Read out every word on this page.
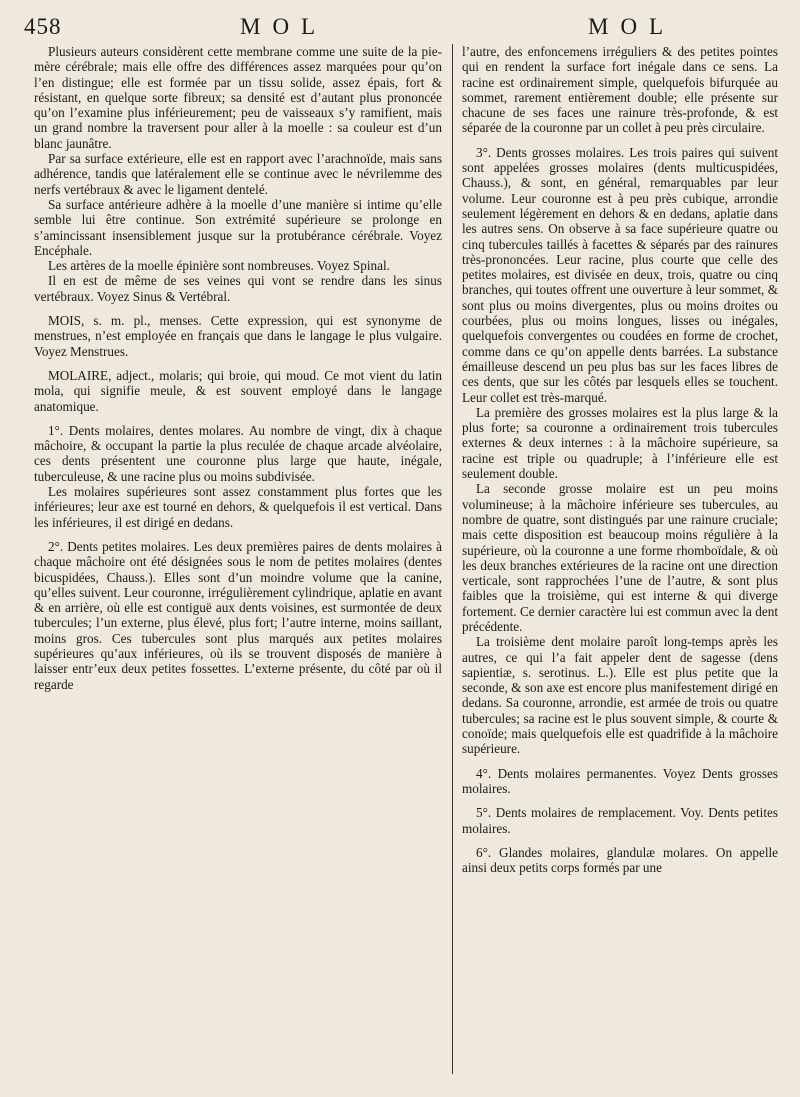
458	MOL	MOL

Plusieurs auteurs considèrent cette membrane comme une suite de la pie-mère cérébrale; mais elle offre des différences assez marquées pour qu’on l’en distingue; elle est formée par un tissu solide, assez épais, fort & résistant, en quelque sorte fibreux; sa densité est d’autant plus prononcée qu’on l’examine plus inférieurement; peu de vaisseaux s’y ramifient, mais un grand nombre la traversent pour aller à la moelle : sa couleur est d’un blanc jaunâtre.

Par sa surface extérieure, elle est en rapport avec l’arachnoïde, mais sans adhérence, tandis que latéralement elle se continue avec le névrilemme des nerfs vertébraux & avec le ligament dentelé.

Sa surface antérieure adhère à la moelle d’une manière si intime qu’elle semble lui être continue. Son extrémité supérieure se prolonge en s’amincissant insensiblement jusque sur la protubérance cérébrale. Voyez Encéphale.

Les artères de la moelle épinière sont nombreuses. Voyez Spinal.

Il en est de même de ses veines qui vont se rendre dans les sinus vertébraux. Voyez Sinus & Vertébral.

MOIS, s. m. pl., menses. Cette expression, qui est synonyme de menstrues, n’est employée en français que dans le langage le plus vulgaire. Voyez Menstrues.

MOLAIRE, adject., molaris; qui broie, qui moud. Ce mot vient du latin mola, qui signifie meule, & est souvent employé dans le langage anatomique.

1°. Dents molaires, dentes molares. Au nombre de vingt, dix à chaque mâchoire, & occupant la partie la plus reculée de chaque arcade alvéolaire, ces dents présentent une couronne plus large que haute, inégale, tuberculeuse, & une racine plus ou moins subdivisée.

Les molaires supérieures sont assez constamment plus fortes que les inférieures; leur axe est tourné en dehors, & quelquefois il est vertical. Dans les inférieures, il est dirigé en dedans.

2°. Dents petites molaires. Les deux premières paires de dents molaires à chaque mâchoire ont été désignées sous le nom de petites molaires (dentes bicuspidées, Chauss.). Elles sont d’un moindre volume que la canine, qu’elles suivent. Leur couronne, irrégulièrement cylindrique, aplatie en avant & en arrière, où elle est contiguë aux dents voisines, est surmontée de deux tubercules; l’un externe, plus élevé, plus fort; l’autre interne, moins saillant, moins gros. Ces tubercules sont plus marqués aux petites molaires supérieures qu’aux inférieures, où ils se trouvent disposés de manière à laisser entr’eux deux petites fossettes. L’externe présente, du côté par où il regarde

l’autre, des enfoncemens irréguliers & des petites pointes qui en rendent la surface fort inégale dans ce sens. La racine est ordinairement simple, quelquefois bifurquée au sommet, rarement entièrement double; elle présente sur chacune de ses faces une rainure très-profonde, & est séparée de la couronne par un collet à peu près circulaire.

3°. Dents grosses molaires. Les trois paires qui suivent sont appelées grosses molaires (dents multicuspidées, Chauss.), & sont, en général, remarquables par leur volume. Leur couronne est à peu près cubique, arrondie seulement légèrement en dehors & en dedans, aplatie dans les autres sens. On observe à sa face supérieure quatre ou cinq tubercules taillés à facettes & séparés par des rainures très-prononcées. Leur racine, plus courte que celle des petites molaires, est divisée en deux, trois, quatre ou cinq branches, qui toutes offrent une ouverture à leur sommet, & sont plus ou moins divergentes, plus ou moins droites ou courbées, plus ou moins longues, lisses ou inégales, quelquefois convergentes ou coudées en forme de crochet, comme dans ce qu’on appelle dents barrées. La substance émailleuse descend un peu plus bas sur les faces libres de ces dents, que sur les côtés par lesquels elles se touchent. Leur collet est très-marqué.

La première des grosses molaires est la plus large & la plus forte; sa couronne a ordinairement trois tubercules externes & deux internes : à la mâchoire supérieure, sa racine est triple ou quadruple; à l’inférieure elle est seulement double.

La seconde grosse molaire est un peu moins volumineuse; à la mâchoire inférieure ses tubercules, au nombre de quatre, sont distingués par une rainure cruciale; mais cette disposition est beaucoup moins régulière à la supérieure, où la couronne a une forme rhomboïdale, & où les deux branches extérieures de la racine ont une direction verticale, sont rapprochées l’une de l’autre, & sont plus faibles que la troisième, qui est interne & qui diverge fortement. Ce dernier caractère lui est commun avec la dent précédente.

La troisième dent molaire paroît long-temps après les autres, ce qui l’a fait appeler dent de sagesse (dens sapientiæ, s. serotinus. L.). Elle est plus petite que la seconde, & son axe est encore plus manifestement dirigé en dedans. Sa couronne, arrondie, est armée de trois ou quatre tubercules; sa racine est le plus souvent simple, & courte & conoïde; mais quelquefois elle est quadrifide à la mâchoire supérieure.

4°. Dents molaires permanentes. Voyez Dents grosses molaires.

5°. Dents molaires de remplacement. Voy. Dents petites molaires.

6°. Glandes molaires, glandulæ molares. On appelle ainsi deux petits corps formés par une
